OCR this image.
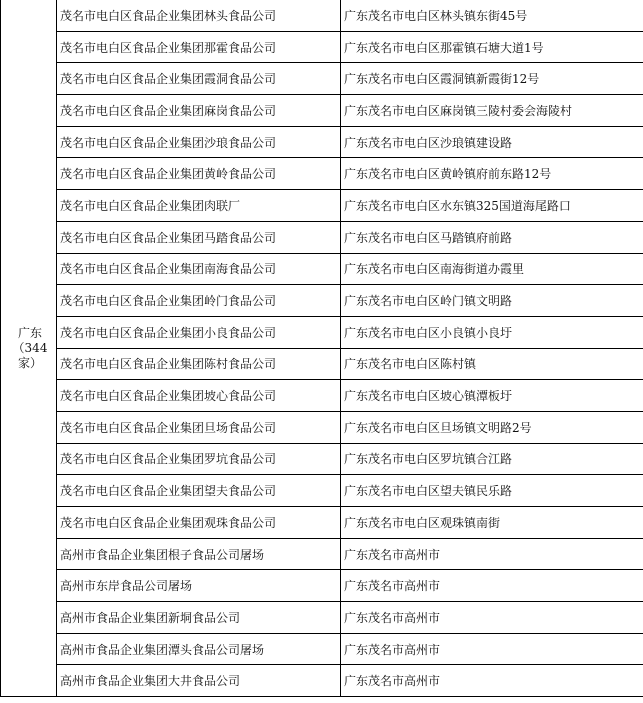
广东
（344
家）	茂名市电白区食品企业集团林头食品公司	广东茂名市电白区林头镇东街45号
	茂名市电白区食品企业集团那霍食品公司	广东茂名市电白区那霍镇石塘大道1号
	茂名市电白区食品企业集团霞洞食品公司	广东茂名市电白区霞洞镇新霞街12号
	茂名市电白区食品企业集团麻岗食品公司	广东茂名市电白区麻岗镇三陵村委会海陵村
	茂名市电白区食品企业集团沙琅食品公司	广东茂名市电白区沙琅镇建设路
	茂名市电白区食品企业集团黄岭食品公司	广东茂名市电白区黄岭镇府前东路12号
	茂名市电白区食品企业集团肉联厂	广东茂名市电白区水东镇325国道海尾路口
	茂名市电白区食品企业集团马踏食品公司	广东茂名市电白区马踏镇府前路
	茂名市电白区食品企业集团南海食品公司	广东茂名市电白区南海街道办霞里
	茂名市电白区食品企业集团岭门食品公司	广东茂名市电白区岭门镇文明路
	茂名市电白区食品企业集团小良食品公司	广东茂名市电白区小良镇小良圩
	茂名市电白区食品企业集团陈村食品公司	广东茂名市电白区陈村镇
	茂名市电白区食品企业集团坡心食品公司	广东茂名市电白区坡心镇潭板圩
	茂名市电白区食品企业集团旦场食品公司	广东茂名市电白区旦场镇文明路2号
	茂名市电白区食品企业集团罗坑食品公司	广东茂名市电白区罗坑镇合江路
	茂名市电白区食品企业集团望夫食品公司	广东茂名市电白区望夫镇民乐路
	茂名市电白区食品企业集团观珠食品公司	广东茂名市电白区观珠镇南街
	高州市食品企业集团根子食品公司屠场	广东茂名市高州市
	高州市东岸食品公司屠场	广东茂名市高州市
	高州市食品企业集团新垌食品公司	广东茂名市高州市
	高州市食品企业集团潭头食品公司屠场	广东茂名市高州市
	高州市食品企业集团大井食品公司	广东茂名市高州市
